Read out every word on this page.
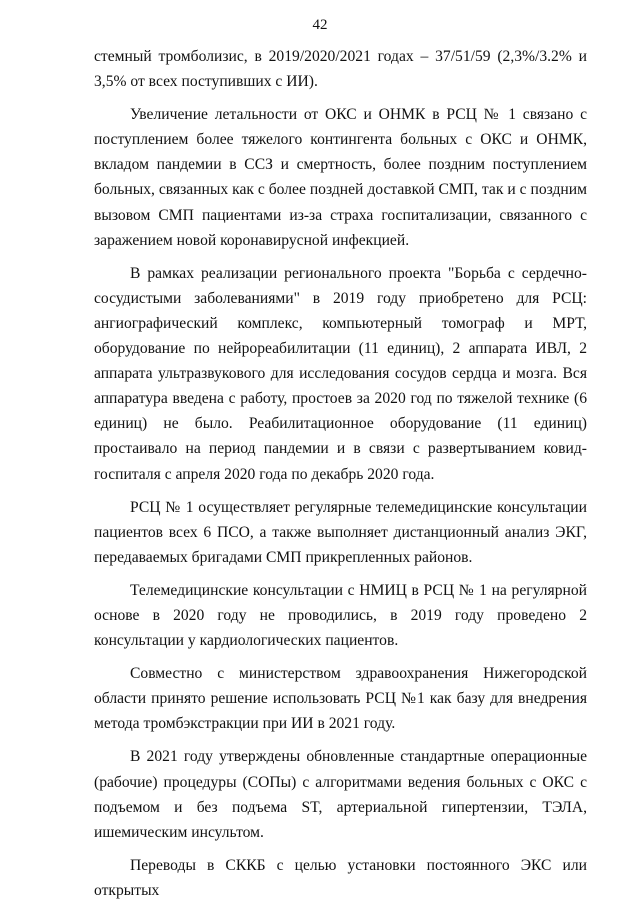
42

стемный тромболизис, в 2019/2020/2021 годах – 37/51/59 (2,3%/3.2% и 3,5% от всех поступивших с ИИ).

Увеличение летальности от ОКС и ОНМК в РСЦ № 1 связано с поступлением более тяжелого контингента больных с ОКС и ОНМК, вкладом пандемии в ССЗ и смертность, более поздним поступлением больных, связанных как с более поздней доставкой СМП, так и с поздним вызовом СМП пациентами из-за страха госпитализации, связанного с заражением новой коронавирусной инфекцией.

В рамках реализации регионального проекта "Борьба с сердечно-сосудистыми заболеваниями" в 2019 году приобретено для РСЦ: ангиографический комплекс, компьютерный томограф и МРТ, оборудование по нейрореабилитации (11 единиц), 2 аппарата ИВЛ, 2 аппарата ультразвукового для исследования сосудов сердца и мозга. Вся аппаратура введена с работу, простоев за 2020 год по тяжелой технике (6 единиц) не было. Реабилитационное оборудование (11 единиц) простаивало на период пандемии и в связи с развертыванием ковид-госпиталя с апреля 2020 года по декабрь 2020 года.

РСЦ № 1 осуществляет регулярные телемедицинские консультации пациентов всех 6 ПСО, а также выполняет дистанционный анализ ЭКГ, передаваемых бригадами СМП прикрепленных районов.

Телемедицинские консультации с НМИЦ в РСЦ № 1 на регулярной основе в 2020 году не проводились, в 2019 году проведено 2 консультации у кардиологических пациентов.

Совместно с министерством здравоохранения Нижегородской области принято решение использовать РСЦ №1 как базу для внедрения метода тромбэкстракции при ИИ в 2021 году.

В 2021 году утверждены обновленные стандартные операционные (рабочие) процедуры (СОПы) с алгоритмами ведения больных с ОКС с подъемом и без подъема ST, артериальной гипертензии, ТЭЛА, ишемическим инсультом.

Переводы в СККБ с целью установки постоянного ЭКС или открытых
